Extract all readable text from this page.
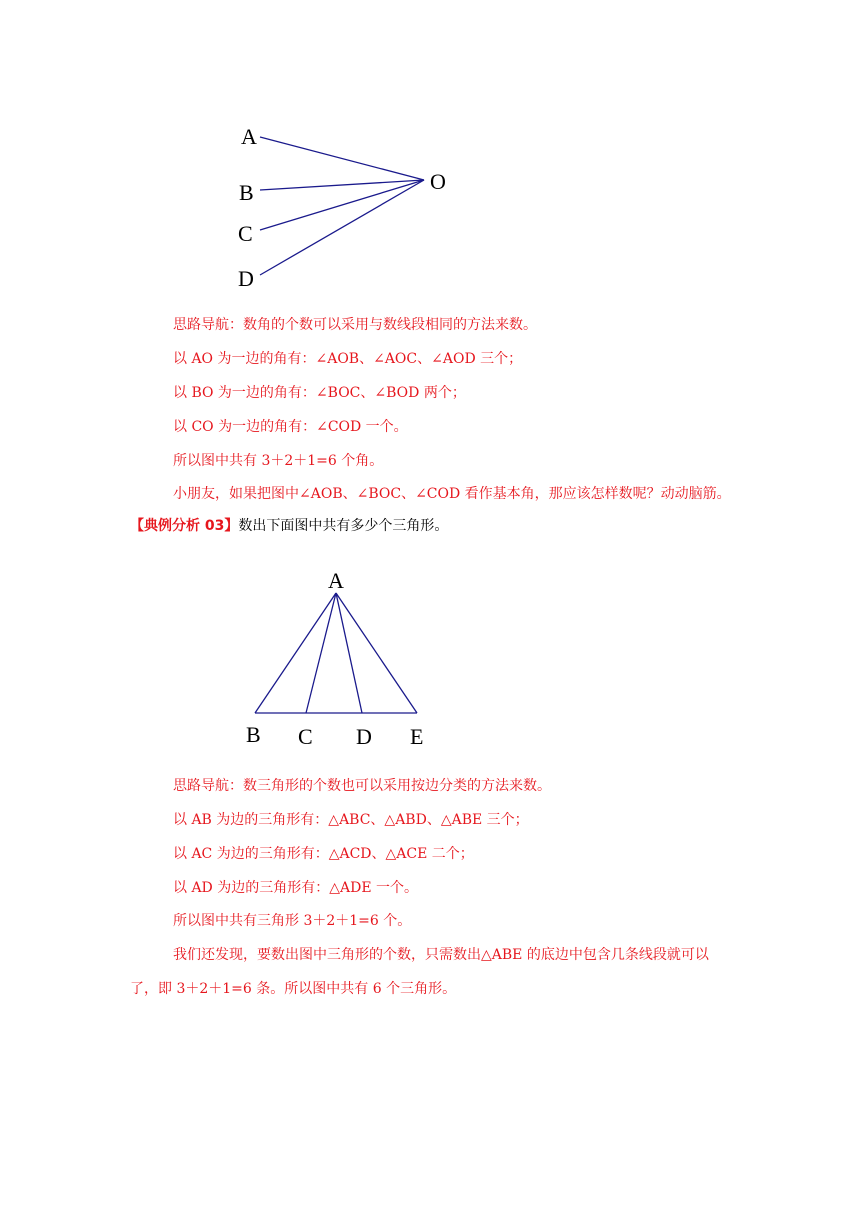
A
B
C
D
O

思路导航：数角的个数可以采用与数线段相同的方法来数。

以 AO 为一边的角有：∠AOB、∠AOC、∠AOD 三个；

以 BO 为一边的角有：∠BOC、∠BOD 两个；

以 CO 为一边的角有：∠COD 一个。

所以图中共有 3＋2＋1=6 个角。

小朋友，如果把图中∠AOB、∠BOC、∠COD 看作基本角，那应该怎样数呢？动动脑筋。

【典例分析 03】数出下面图中共有多少个三角形。

A
B C D E

思路导航：数三角形的个数也可以采用按边分类的方法来数。

以 AB 为边的三角形有：△ABC、△ABD、△ABE 三个；

以 AC 为边的三角形有：△ACD、△ACE 二个；

以 AD 为边的三角形有：△ADE 一个。

所以图中共有三角形 3＋2＋1=6 个。

我们还发现，要数出图中三角形的个数，只需数出△ABE 的底边中包含几条线段就可以了，即 3＋2＋1=6 条。所以图中共有 6 个三角形。
